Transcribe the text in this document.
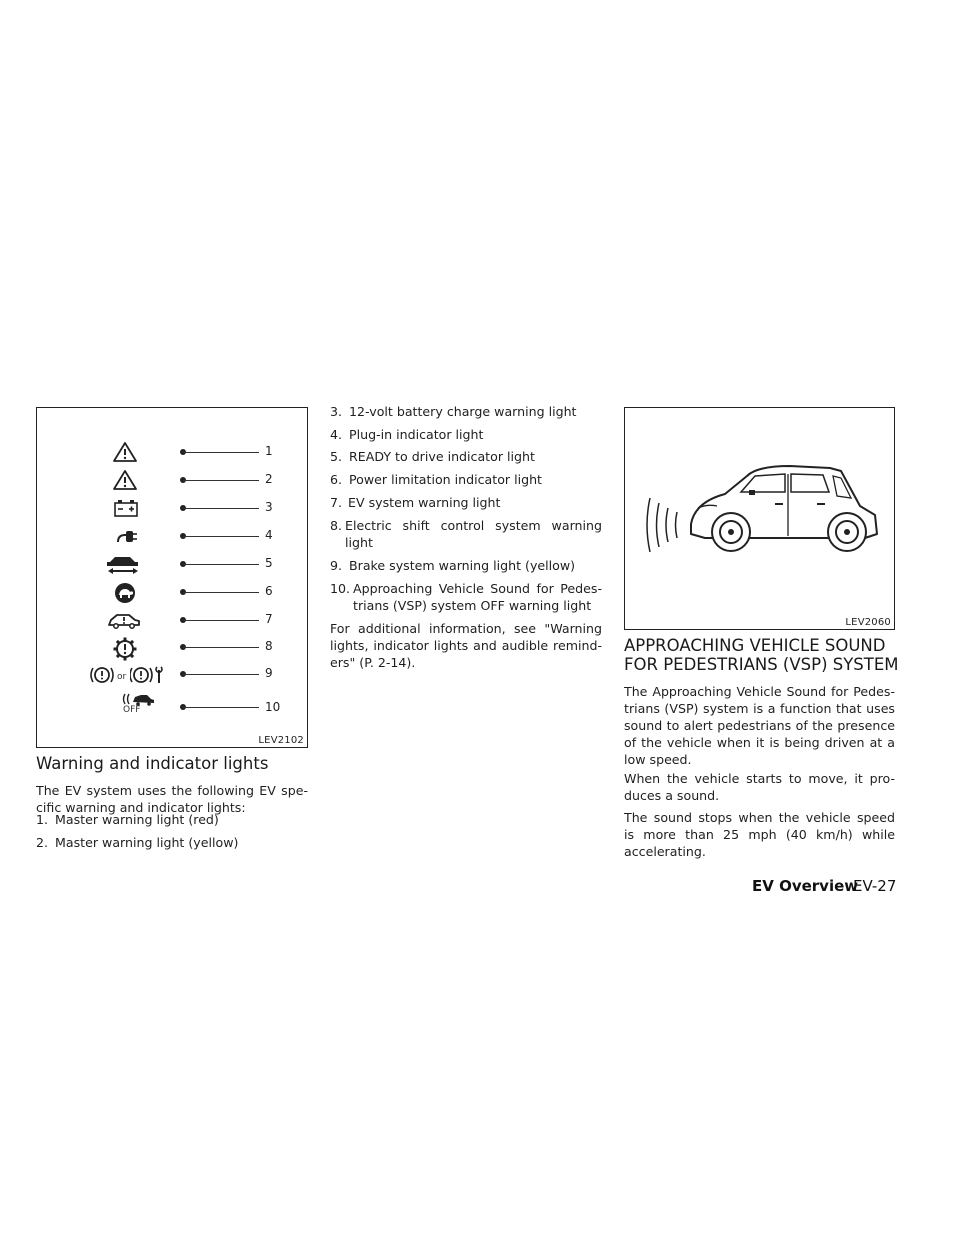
1
2
3
4
5
6
7
8
or	9
OFF	10
LEV2102
LEV2060
Warning and indicator lights

The EV system uses the following EV spe-cific warning and indicator lights:

1. Master warning light (red)
2. Master warning light (yellow)
3. 12-volt battery charge warning light
4. Plug-in indicator light
5. READY to drive indicator light
6. Power limitation indicator light
7. EV system warning light
8. Electric shift control system warning light
9. Brake system warning light (yellow)
10. Approaching Vehicle Sound for Pedes-trians (VSP) system OFF warning light

For additional information, see "Warning lights, indicator lights and audible remind-ers" (P. 2-14).

APPROACHING VEHICLE SOUND
FOR PEDESTRIANS (VSP) SYSTEM

The Approaching Vehicle Sound for Pedes-trians (VSP) system is a function that uses sound to alert pedestrians of the presence of the vehicle when it is being driven at a low speed.

When the vehicle starts to move, it pro-duces a sound.

The sound stops when the vehicle speed is more than 25 mph (40 km/h) while accelerating.

EV Overview
EV-27
